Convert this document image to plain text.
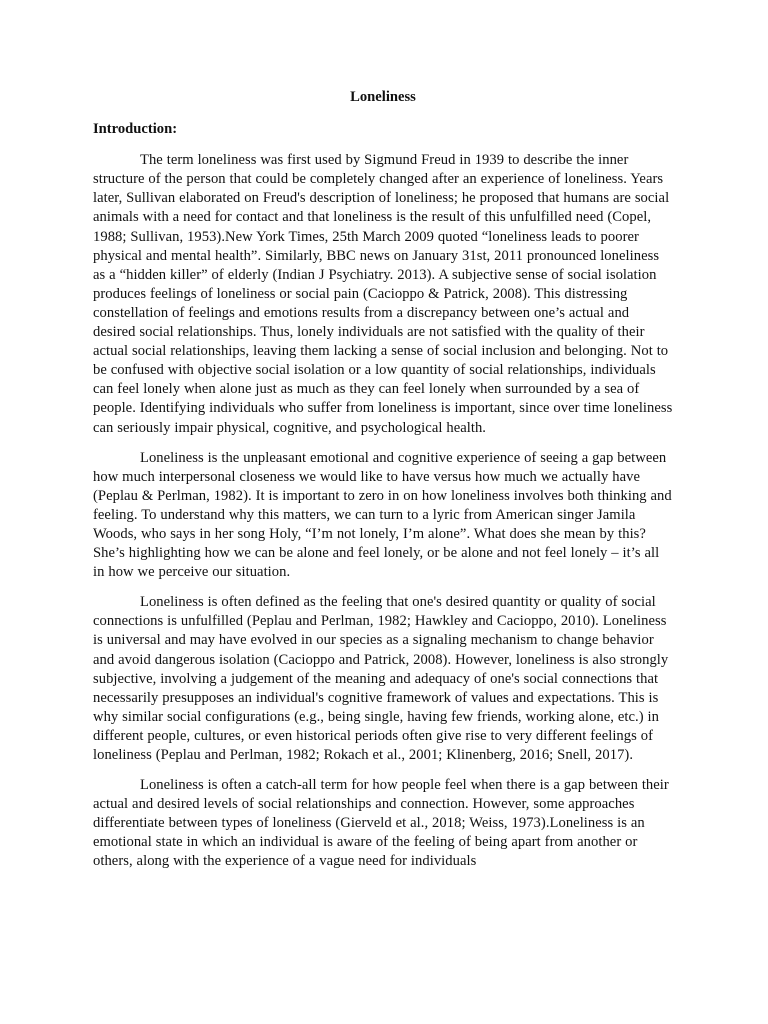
Loneliness
Introduction:

The term loneliness was first used by Sigmund Freud in 1939 to describe the inner structure of the person that could be completely changed after an experience of loneliness. Years later, Sullivan elaborated on Freud's description of loneliness; he proposed that humans are social animals with a need for contact and that loneliness is the result of this unfulfilled need (Copel, 1988; Sullivan, 1953).New York Times, 25th March 2009 quoted “loneliness leads to poorer physical and mental health”. Similarly, BBC news on January 31st, 2011 pronounced loneliness as a “hidden killer” of elderly (Indian J Psychiatry. 2013). A subjective sense of social isolation produces feelings of loneliness or social pain (Cacioppo & Patrick, 2008). This distressing constellation of feelings and emotions results from a discrepancy between one’s actual and desired social relationships. Thus, lonely individuals are not satisfied with the quality of their actual social relationships, leaving them lacking a sense of social inclusion and belonging. Not to be confused with objective social isolation or a low quantity of social relationships, individuals can feel lonely when alone just as much as they can feel lonely when surrounded by a sea of people. Identifying individuals who suffer from loneliness is important, since over time loneliness can seriously impair physical, cognitive, and psychological health.

Loneliness is the unpleasant emotional and cognitive experience of seeing a gap between how much interpersonal closeness we would like to have versus how much we actually have (Peplau & Perlman, 1982). It is important to zero in on how loneliness involves both thinking and feeling. To understand why this matters, we can turn to a lyric from American singer Jamila Woods, who says in her song Holy, “I’m not lonely, I’m alone”. What does she mean by this? She’s highlighting how we can be alone and feel lonely, or be alone and not feel lonely – it’s all in how we perceive our situation.

Loneliness is often defined as the feeling that one's desired quantity or quality of social connections is unfulfilled (Peplau and Perlman, 1982; Hawkley and Cacioppo, 2010). Loneliness is universal and may have evolved in our species as a signaling mechanism to change behavior and avoid dangerous isolation (Cacioppo and Patrick, 2008). However, loneliness is also strongly subjective, involving a judgement of the meaning and adequacy of one's social connections that necessarily presupposes an individual's cognitive framework of values and expectations. This is why similar social configurations (e.g., being single, having few friends, working alone, etc.) in different people, cultures, or even historical periods often give rise to very different feelings of loneliness (Peplau and Perlman, 1982; Rokach et al., 2001; Klinenberg, 2016; Snell, 2017).

Loneliness is often a catch-all term for how people feel when there is a gap between their actual and desired levels of social relationships and connection. However, some approaches differentiate between types of loneliness (Gierveld et al., 2018; Weiss, 1973).Loneliness is an emotional state in which an individual is aware of the feeling of being apart from another or others, along with the experience of a vague need for individuals
